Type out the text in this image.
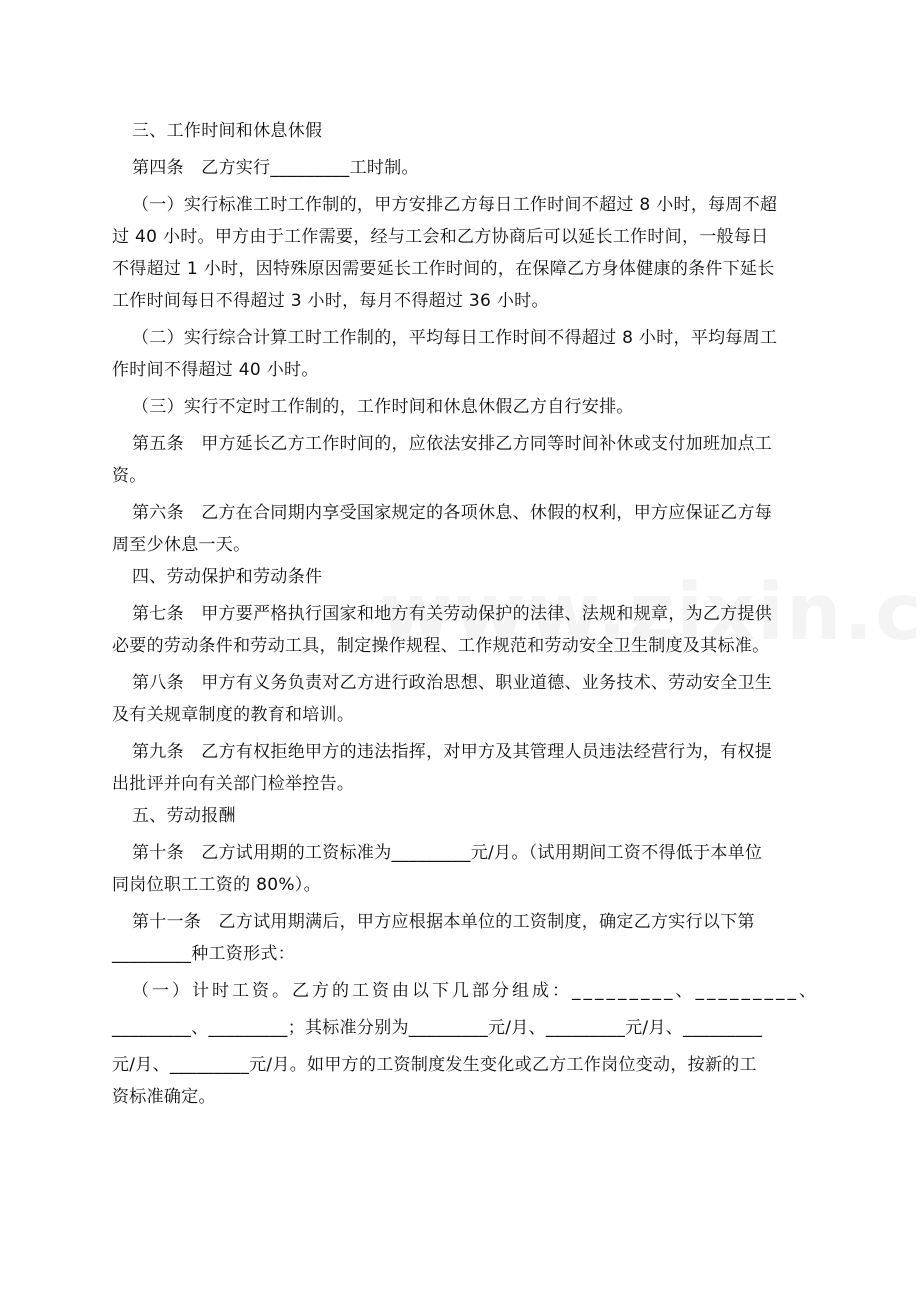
三、工作时间和休息休假

第四条　乙方实行_________工时制。

（一）实行标准工时工作制的，甲方安排乙方每日工作时间不超过 8 小时，每周不超

过 40 小时。甲方由于工作需要，经与工会和乙方协商后可以延长工作时间，一般每日

不得超过 1 小时，因特殊原因需要延长工作时间的，在保障乙方身体健康的条件下延长

工作时间每日不得超过 3 小时，每月不得超过 36 小时。

（二）实行综合计算工时工作制的，平均每日工作时间不得超过 8 小时，平均每周工

作时间不得超过 40 小时。

（三）实行不定时工作制的，工作时间和休息休假乙方自行安排。

第五条　甲方延长乙方工作时间的，应依法安排乙方同等时间补休或支付加班加点工

资。

第六条　乙方在合同期内享受国家规定的各项休息、休假的权利，甲方应保证乙方每

周至少休息一天。

四、劳动保护和劳动条件

第七条　甲方要严格执行国家和地方有关劳动保护的法律、法规和规章，为乙方提供

必要的劳动条件和劳动工具，制定操作规程、工作规范和劳动安全卫生制度及其标准。

第八条　甲方有义务负责对乙方进行政治思想、职业道德、业务技术、劳动安全卫生

及有关规章制度的教育和培训。

第九条　乙方有权拒绝甲方的违法指挥，对甲方及其管理人员违法经营行为，有权提

出批评并向有关部门检举控告。

五、劳动报酬

第十条　乙方试用期的工资标准为_________元/月。（试用期间工资不得低于本单位

同岗位职工工资的 80%）。

第十一条　乙方试用期满后，甲方应根据本单位的工资制度，确定乙方实行以下第

_________种工资形式：

（一）计时工资。乙方的工资由以下几部分组成：_________、_________、

_________、_________；其标准分别为_________元/月、_________元/月、_________

元/月、_________元/月。如甲方的工资制度发生变化或乙方工作岗位变动，按新的工

资标准确定。
